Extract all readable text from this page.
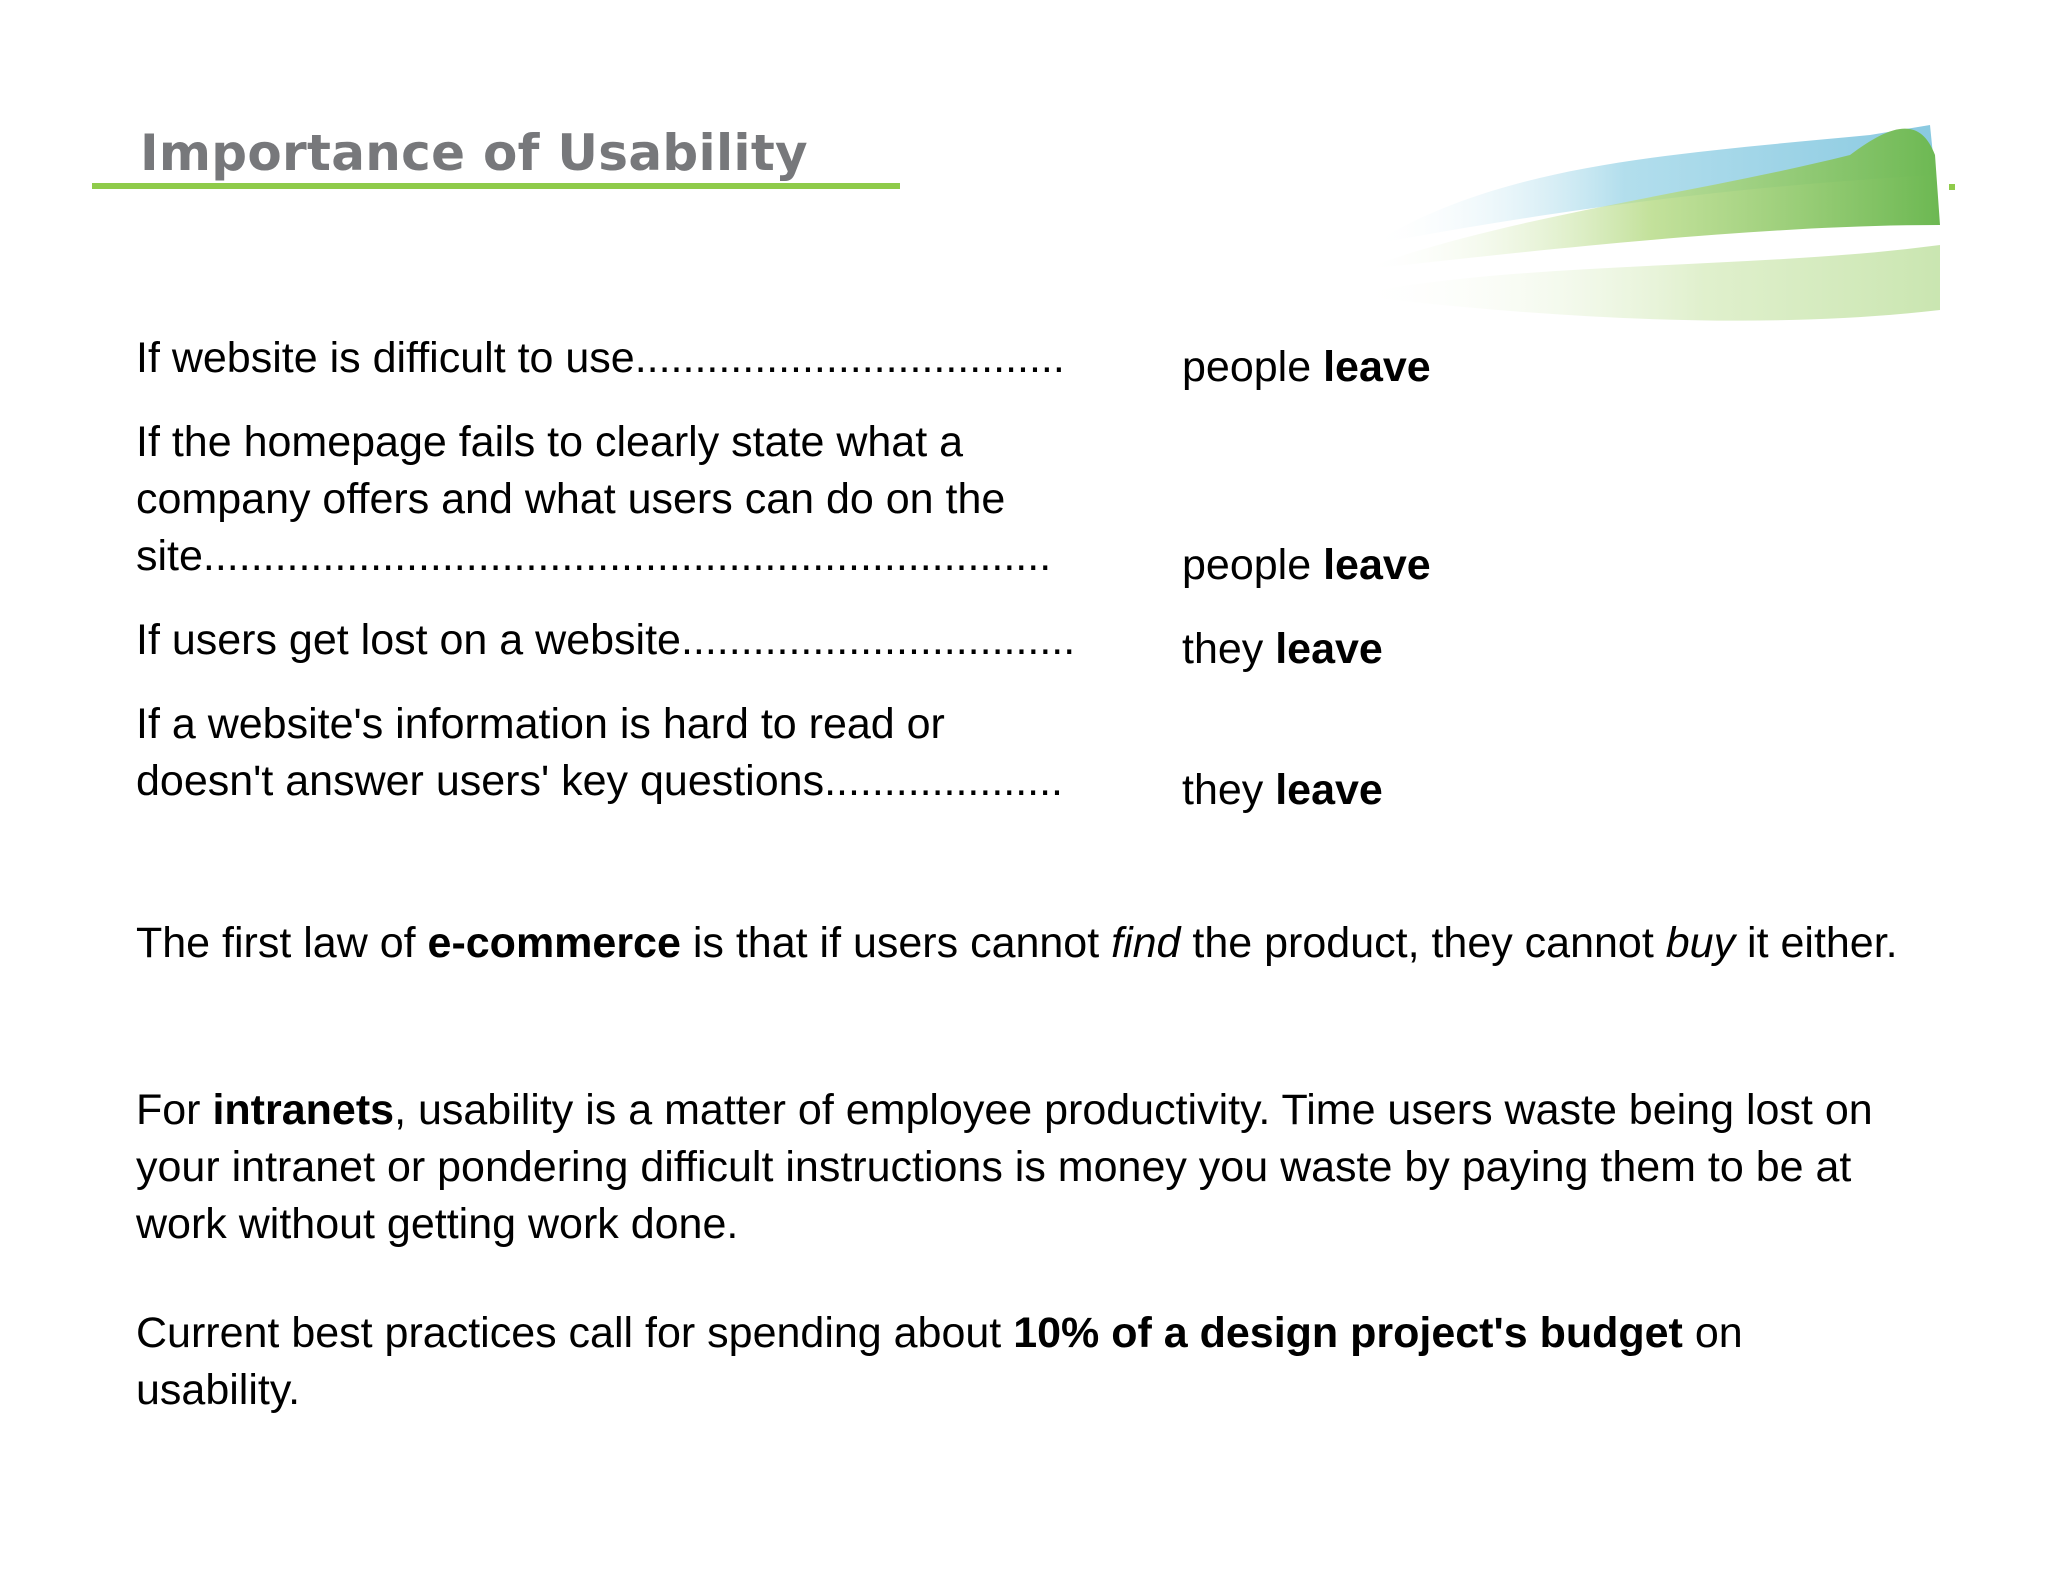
Importance of Usability
If website is difficult to use....................................	people leave
If the homepage fails to clearly state what a
company offers and what users can do on the
site.......................................................................	people leave
If users get lost on a website.................................	they leave
If a website's information is hard to read or
doesn't answer users' key questions....................	they leave

The first law of e-commerce is that if users cannot find the product, they cannot buy it either.

For intranets, usability is a matter of employee productivity. Time users waste being lost on your intranet or pondering difficult instructions is money you waste by paying them to be at work without getting work done.

Current best practices call for spending about 10% of a design project's budget on usability.
